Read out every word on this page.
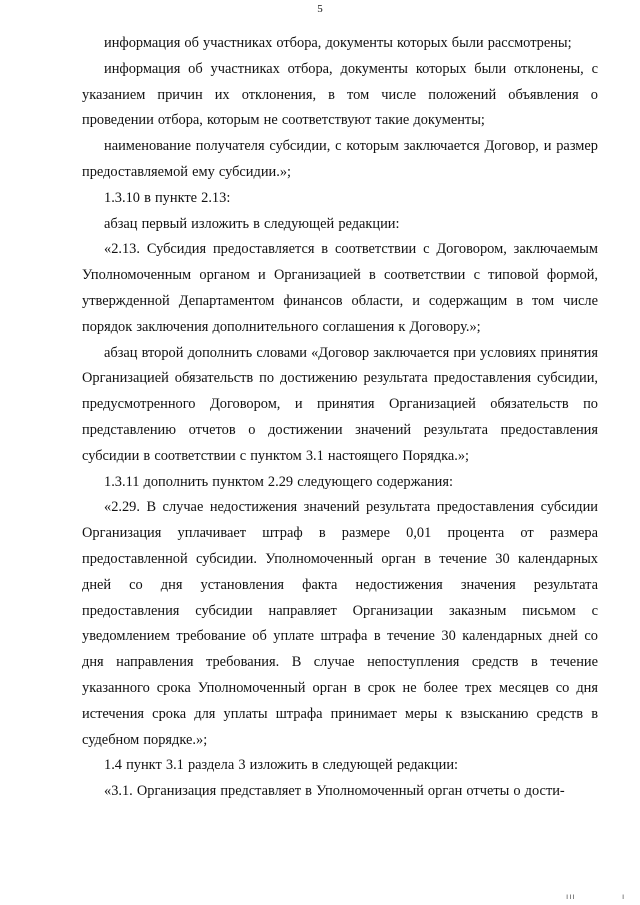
5

информация об участниках отбора, документы которых были рассмотрены;

информация об участниках отбора, документы которых были отклонены, с указанием причин их отклонения, в том числе положений объявления о проведении отбора, которым не соответствуют такие документы;

наименование получателя субсидии, с которым заключается Договор, и размер предоставляемой ему субсидии.»;

1.3.10 в пункте 2.13:

абзац первый изложить в следующей редакции:

«2.13. Субсидия предоставляется в соответствии с Договором, заключаемым Уполномоченным органом и Организацией в соответствии с типовой формой, утвержденной Департаментом финансов области, и содержащим в том числе порядок заключения дополнительного соглашения к Договору.»;

абзац второй дополнить словами «Договор заключается при условиях принятия Организацией обязательств по достижению результата предоставления субсидии, предусмотренного Договором, и принятия Организацией обязательств по представлению отчетов о достижении значений результата предоставления субсидии в соответствии с пунктом 3.1 настоящего Порядка.»;

1.3.11 дополнить пунктом 2.29 следующего содержания:

«2.29. В случае недостижения значений результата предоставления субсидии Организация уплачивает штраф в размере 0,01 процента от размера предоставленной субсидии. Уполномоченный орган в течение 30 календарных дней со дня установления факта недостижения значения результата предоставления субсидии направляет Организации заказным письмом с уведомлением требование об уплате штрафа в течение 30 календарных дней со дня направления требования. В случае непоступления средств в течение указанного срока Уполномоченный орган в срок не более трех месяцев со дня истечения срока для уплаты штрафа принимает меры к взысканию средств в судебном порядке.»;

1.4 пункт 3.1 раздела 3 изложить в следующей редакции:

«3.1. Организация представляет в Уполномоченный орган отчеты о дости-

ııı	ı
